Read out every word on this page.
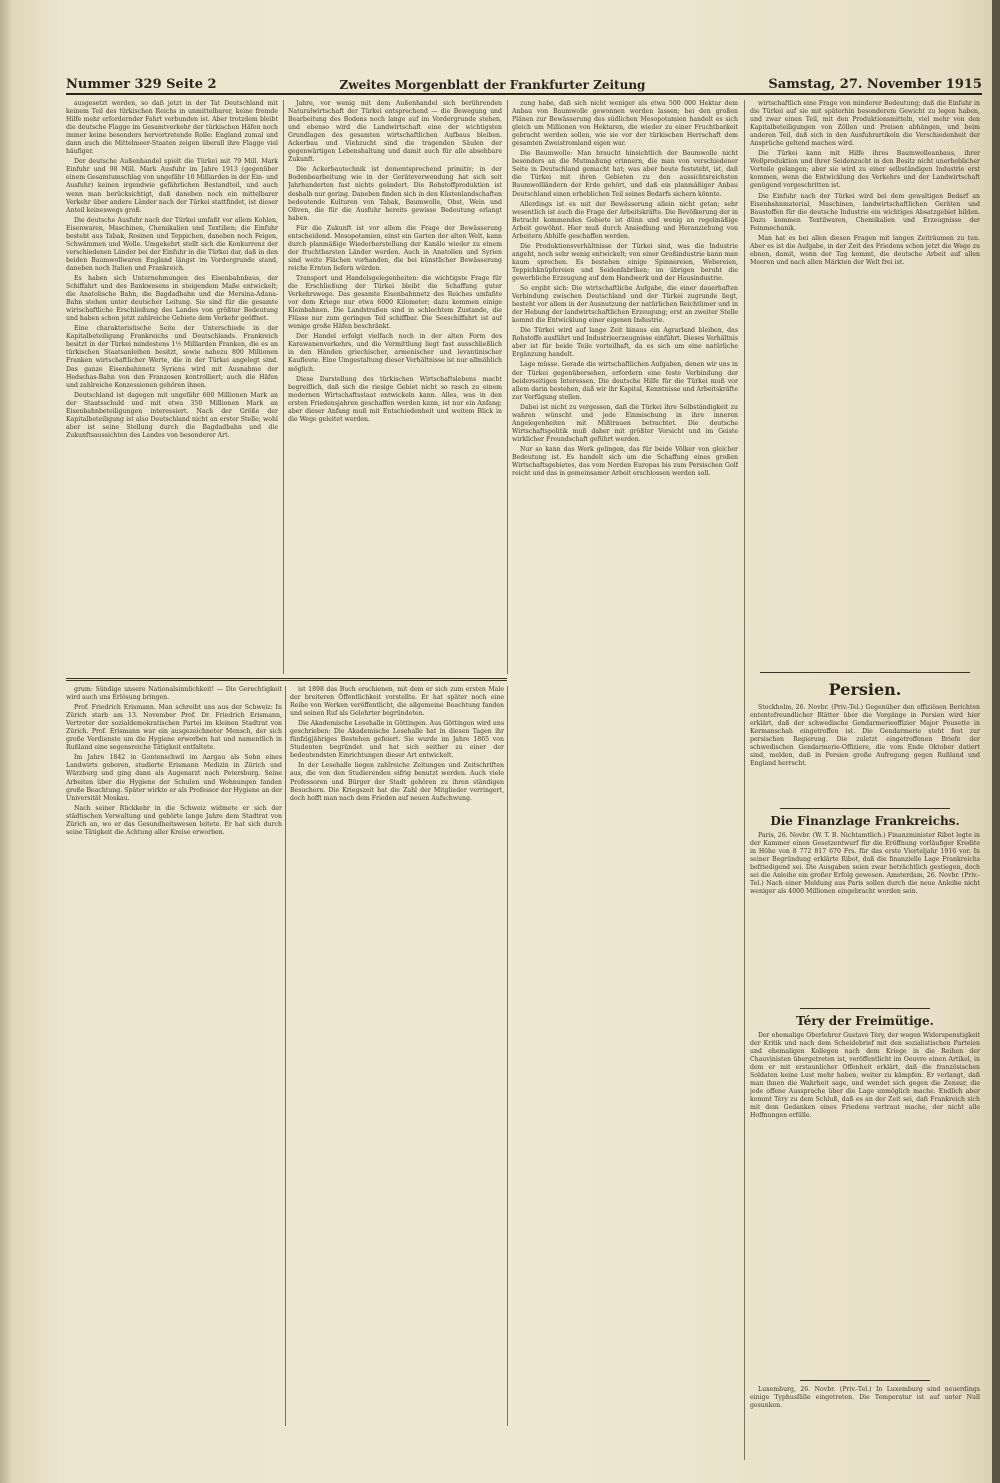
Nummer 329 Seite 2	Zweites Morgenblatt der Frankfurter Zeitung	Samstag, 27. November 1915

ausgesetzt werden, so daß jetzt in der Tat Deutschland mit keinem Teil des türkischen Reichs in unmittelbarer, keine fremde Hilfe mehr erfordernder Fahrt verbunden ist. Aber trotzdem bleibt die deutsche Flagge im Gesamtverkehr der türkischen Häfen noch immer keine besonders hervortretende Rolle: England zumal und dann auch die Mittelmeer-Staaten zeigen überall ihre Flagge viel häufiger.

Der deutsche Außenhandel spielt die Türkei mit 79 Mill. Mark Einfuhr und 98 Mill. Mark Ausfuhr im Jahre 1913 (gegenüber einem Gesamtumschlag von ungefähr 10 Milliarden in der Ein- und Ausfuhr) keinen irgendwie gefährlichen Bestandteil, und auch wenn man berücksichtigt, daß daneben noch ein mittelbarer Verkehr über andere Länder nach der Türkei stattfindet, ist dieser Anteil keineswegs groß.

Die deutsche Ausfuhr nach der Türkei umfaßt vor allem Kohlen, Eisenwaren, Maschinen, Chemikalien und Textilien; die Einfuhr besteht aus Tabak, Rosinen und Teppichen, daneben noch Feigen, Schwämmen und Wolle. Umgekehrt stellt sich die Konkurrenz der verschiedenen Länder bei der Einfuhr in die Türkei dar, daß in den beiden Baumwollwaren England längst im Vordergrunde stand, daneben noch Italien und Frankreich.

Es haben sich Unternehmungen des Eisenbahnbaus, der Schiffahrt und des Bankwesens in steigendem Maße entwickelt; die Anatolische Bahn, die Bagdadbahn und die Mersina-Adana-Bahn stehen unter deutscher Leitung. Sie sind für die gesamte wirtschaftliche Erschließung des Landes von größter Bedeutung und haben schon jetzt zahlreiche Gebiete dem Verkehr geöffnet.

Eine charakteristische Seite der Unterschiede in der Kapitalbeteiligung Frankreichs und Deutschlands. Frankreich besitzt in der Türkei mindestens 1½ Milliarden Franken, die es an türkischen Staatsanleihen besitzt, sowie nahezu 800 Millionen Franken wirtschaftlicher Werte, die in der Türkei angelegt sind. Das ganze Eisenbahnnetz Syriens wird mit Ausnahme der Hedschas-Bahn von den Franzosen kontrolliert; auch die Häfen und zahlreiche Konzessionen gehören ihnen.

Deutschland ist dagegen mit ungefähr 600 Millionen Mark an der Staatsschuld und mit etwa 350 Millionen Mark an Eisenbahnbeteiligungen interessiert. Nach der Größe der Kapitalbeteiligung ist also Deutschland nicht an erster Stelle; wohl aber ist seine Stellung durch die Bagdadbahn und die Zukunftsaussichten des Landes von besonderer Art.

Jahre, vor wenig mit dem Außenhandel sich berührenden Naturalwirtschaft der Türkei entsprechend — die Bewegung und Bearbeitung des Bodens noch lange auf im Vordergrunde stehen, und ebenso wird die Landwirtschaft eine der wichtigsten Grundlagen des gesamten wirtschaftlichen Aufbaus bleiben. Ackerbau und Viehzucht sind die tragenden Säulen der gegenwärtigen Lebenshaltung und damit auch für alle absehbare Zukunft.

Die Ackerbautechnik ist dementsprechend primitiv; in der Bodenbearbeitung wie in der Geräteverwendung hat sich seit Jahrhunderten fast nichts geändert. Die Rohstoffproduktion ist deshalb nur gering. Daneben finden sich in den Küstenlandschaften bedeutende Kulturen von Tabak, Baumwolle, Obst, Wein und Oliven, die für die Ausfuhr bereits gewisse Bedeutung erlangt haben.

Für die Zukunft ist vor allem die Frage der Bewässerung entscheidend. Mesopotamien, einst ein Garten der alten Welt, kann durch planmäßige Wiederherstellung der Kanäle wieder zu einem der fruchtbarsten Länder werden. Auch in Anatolien und Syrien sind weite Flächen vorhanden, die bei künstlicher Bewässerung reiche Ernten liefern würden.

Transport und Handelsgelegenheiten: die wichtigste Frage für die Erschließung der Türkei bleibt die Schaffung guter Verkehrswege. Das gesamte Eisenbahnnetz des Reiches umfaßte vor dem Kriege nur etwa 6000 Kilometer; dazu kommen einige Kleinbahnen. Die Landstraßen sind in schlechtem Zustande, die Flüsse nur zum geringen Teil schiffbar. Die Seeschiffahrt ist auf wenige große Häfen beschränkt.

Der Handel erfolgt vielfach noch in der alten Form des Karawanenverkehrs, und die Vermittlung liegt fast ausschließlich in den Händen griechischer, armenischer und levantinischer Kaufleute. Eine Umgestaltung dieser Verhältnisse ist nur allmählich möglich.

Diese Darstellung des türkischen Wirtschaftslebens macht begreiflich, daß sich die riesige Gebiet nicht so rasch zu einem modernen Wirtschaftsstaat entwickeln kann. Alles, was in den ersten Friedensjahren geschaffen werden kann, ist nur ein Anfang; aber dieser Anfang muß mit Entschiedenheit und weitem Blick in die Wege geleitet werden.

zung habe, daß sich nicht weniger als etwa 500 000 Hektar dem Anbau von Baumwolle gewonnen werden lassen; bei den großen Plänen zur Bewässerung des südlichen Mesopotamien handelt es sich gleich um Millionen von Hektaren, die wieder zu einer Fruchtbarkeit gebracht werden sollen, wie sie vor der türkischen Herrschaft dem gesamten Zweistromland eigen war.

Die Baumwolle: Man braucht hinsichtlich der Baumwolle nicht besonders an die Mutmaßung erinnern, die man von verschiedener Seite in Deutschland gemacht hat; was aber heute feststeht, ist, daß die Türkei mit ihren Gebieten zu den aussichtsreichsten Baumwollländern der Erde gehört, und daß ein planmäßiger Anbau Deutschland einen erheblichen Teil seines Bedarfs sichern könnte.

Allerdings ist es mit der Bewässerung allein nicht getan; sehr wesentlich ist auch die Frage der Arbeitskräfte. Die Bevölkerung der in Betracht kommenden Gebiete ist dünn und wenig an regelmäßige Arbeit gewöhnt. Hier muß durch Ansiedlung und Heranziehung von Arbeitern Abhilfe geschaffen werden.

Die Produktionsverhältnisse der Türkei sind, was die Industrie angeht, noch sehr wenig entwickelt; von einer Großindustrie kann man kaum sprechen. Es bestehen einige Spinnereien, Webereien, Teppichknüpfereien und Seidenfabriken; im übrigen beruht die gewerbliche Erzeugung auf dem Handwerk und der Hausindustrie.

So ergibt sich: Die wirtschaftliche Aufgabe, die einer dauerhaften Verbindung zwischen Deutschland und der Türkei zugrunde liegt, besteht vor allem in der Ausnutzung der natürlichen Reichtümer und in der Hebung der landwirtschaftlichen Erzeugung; erst an zweiter Stelle kommt die Entwicklung einer eigenen Industrie.

Die Türkei wird auf lange Zeit hinaus ein Agrarland bleiben, das Rohstoffe ausführt und Industrieerzeugnisse einführt. Dieses Verhältnis aber ist für beide Teile vorteilhaft, da es sich um eine natürliche Ergänzung handelt.

Lage müsse. Gerade die wirtschaftlichen Aufgaben, denen wir uns in der Türkei gegenübersehen, erfordern eine feste Verbindung der beiderseitigen Interessen. Die deutsche Hilfe für die Türkei muß vor allem darin bestehen, daß wir ihr Kapital, Kenntnisse und Arbeitskräfte zur Verfügung stellen.

Dabei ist nicht zu vergessen, daß die Türkei ihre Selbständigkeit zu wahren wünscht und jede Einmischung in ihre inneren Angelegenheiten mit Mißtrauen betrachtet. Die deutsche Wirtschaftspolitik muß daher mit größter Vorsicht und im Geiste wirklicher Freundschaft geführt werden.

Nur so kann das Werk gelingen, das für beide Völker von gleicher Bedeutung ist. Es handelt sich um die Schaffung eines großen Wirtschaftsgebietes, das vom Norden Europas bis zum Persischen Golf reicht und das in gemeinsamer Arbeit erschlossen werden soll.

wirtschaftlich eine Frage von minderer Bedeutung; daß die Einfuhr in die Türkei auf sie mit späterhin besonderem Gewicht zu legen haben, und zwar einen Teil, mit den Produktionsmitteln, viel mehr von den Kapitalbeteiligungen von Zöllen und Preisen abhängen, und beim anderen Teil, daß sich in den Ausfuhrartikeln die Verschiedenheit der Ansprüche geltend machen wird.

Die Türkei kann mit Hilfe ihres Baumwolleanbaus, ihrer Wollproduktion und ihrer Seidenzucht in den Besitz nicht unerheblicher Vorteile gelangen; aber sie wird zu einer selbständigen Industrie erst kommen, wenn die Entwicklung des Verkehrs und der Landwirtschaft genügend vorgeschritten ist.

Die Einfuhr nach der Türkei wird bei dem gewaltigen Bedarf an Eisenbahnmaterial, Maschinen, landwirtschaftlichen Geräten und Baustoffen für die deutsche Industrie ein wichtiges Absatzgebiet bilden. Dazu kommen Textilwaren, Chemikalien und Erzeugnisse der Feinmechanik.

Man hat es bei allen diesen Fragen mit langen Zeiträumen zu tun. Aber es ist die Aufgabe, in der Zeit des Friedens schon jetzt die Wege zu ebnen, damit, wenn der Tag kommt, die deutsche Arbeit auf allen Meeren und nach allen Märkten der Welt frei ist.

Persien.

Stockholm, 26. Novbr. (Priv.-Tel.) Gegenüber den offiziösen Berichten ententefreundlicher Blätter über die Vorgänge in Persien wird hier erklärt, daß der schwedische Gendarmerieoffizier Major Pousette in Kermanschah eingetroffen ist. Die Gendarmerie steht fest zur persischen Regierung. Die zuletzt eingetroffenen Briefe der schwedischen Gendarmerie-Offiziere, die vom Ende Oktober datiert sind, melden, daß in Persien große Aufregung gegen Rußland und England herrscht.

Die Finanzlage Frankreichs.

Paris, 26. Novbr. (W. T. B. Nichtamtlich.) Finanzminister Ribot legte in der Kammer einen Gesetzentwurf für die Eröffnung vorläufiger Kredite in Höhe von 8 772 817 670 Frs. für das erste Vierteljahr 1916 vor. In seiner Begründung erklärte Ribot, daß die finanzielle Lage Frankreichs befriedigend sei. Die Ausgaben seien zwar beträchtlich gestiegen, doch sei die Anleihe ein großer Erfolg gewesen. Amsterdam, 26. Novbr. (Priv.-Tel.) Nach einer Meldung aus Paris sollen durch die neue Anleihe nicht weniger als 4000 Millionen eingebracht worden sein.

Téry der Freimütige.

Der ehemalige Oberlehrer Gustave Téry, der wegen Widerspenstigkeit der Kritik und nach dem Scheidebrief mit den sozialistischen Parteien und ehemaligen Kollegen nach dem Kriege in die Reihen der Chauvinisten übergetreten ist, veröffentlicht im Oeuvre einen Artikel, in dem er mit erstaunlicher Offenheit erklärt, daß die französischen Soldaten keine Lust mehr haben, weiter zu kämpfen. Er verlangt, daß man ihnen die Wahrheit sage, und wendet sich gegen die Zensur, die jede offene Aussprache über die Lage unmöglich mache. Endlich aber kommt Téry zu dem Schluß, daß es an der Zeit sei, daß Frankreich sich mit dem Gedanken eines Friedens vertraut mache, der nicht alle Hoffnungen erfülle.

Luxemburg, 26. Novbr. (Priv.-Tel.) In Luxemburg sind neuerdings einige Typhusfälle eingetreten. Die Temperatur ist auf unter Null gesunken.

grum: Sündige unsere Nationalsinnlichkeit! — Die Gerechtigkeit wird auch uns Erlösung bringen.

Prof. Friedrich Erismann. Man schreibt uns aus der Schweiz: In Zürich starb am 13. November Prof. Dr. Friedrich Erismann, Vertreter der sozialdemokratischen Partei im kleinen Stadtrat von Zürich. Prof. Erismann war ein ausgezeichneter Mensch, der sich große Verdienste um die Hygiene erworben hat und namentlich in Rußland eine segensreiche Tätigkeit entfaltete.

Im Jahre 1842 in Gontenschwil im Aargau als Sohn eines Landwirts geboren, studierte Erismann Medizin in Zürich und Würzburg und ging dann als Augenarzt nach Petersburg. Seine Arbeiten über die Hygiene der Schulen und Wohnungen fanden große Beachtung. Später wirkte er als Professor der Hygiene an der Universität Moskau.

Nach seiner Rückkehr in die Schweiz widmete er sich der städtischen Verwaltung und gehörte lange Jahre dem Stadtrat von Zürich an, wo er das Gesundheitswesen leitete. Er hat sich durch seine Tätigkeit die Achtung aller Kreise erworben.

ist 1898 das Buch erschienen, mit dem er sich zum ersten Male der breiteren Öffentlichkeit vorstellte. Er hat später noch eine Reihe von Werken veröffentlicht, die allgemeine Beachtung fanden und seinen Ruf als Gelehrter begründeten.

Die Akademische Lesehalle in Göttingen. Aus Göttingen wird uns geschrieben: Die Akademische Lesehalle hat in diesen Tagen ihr fünfzigjähriges Bestehen gefeiert. Sie wurde im Jahre 1865 von Studenten begründet und hat sich seither zu einer der bedeutendsten Einrichtungen dieser Art entwickelt.

In der Lesehalle liegen zahlreiche Zeitungen und Zeitschriften aus, die von den Studierenden eifrig benutzt werden. Auch viele Professoren und Bürger der Stadt gehören zu ihren ständigen Besuchern. Die Kriegszeit hat die Zahl der Mitglieder verringert, doch hofft man nach dem Frieden auf neuen Aufschwung.
